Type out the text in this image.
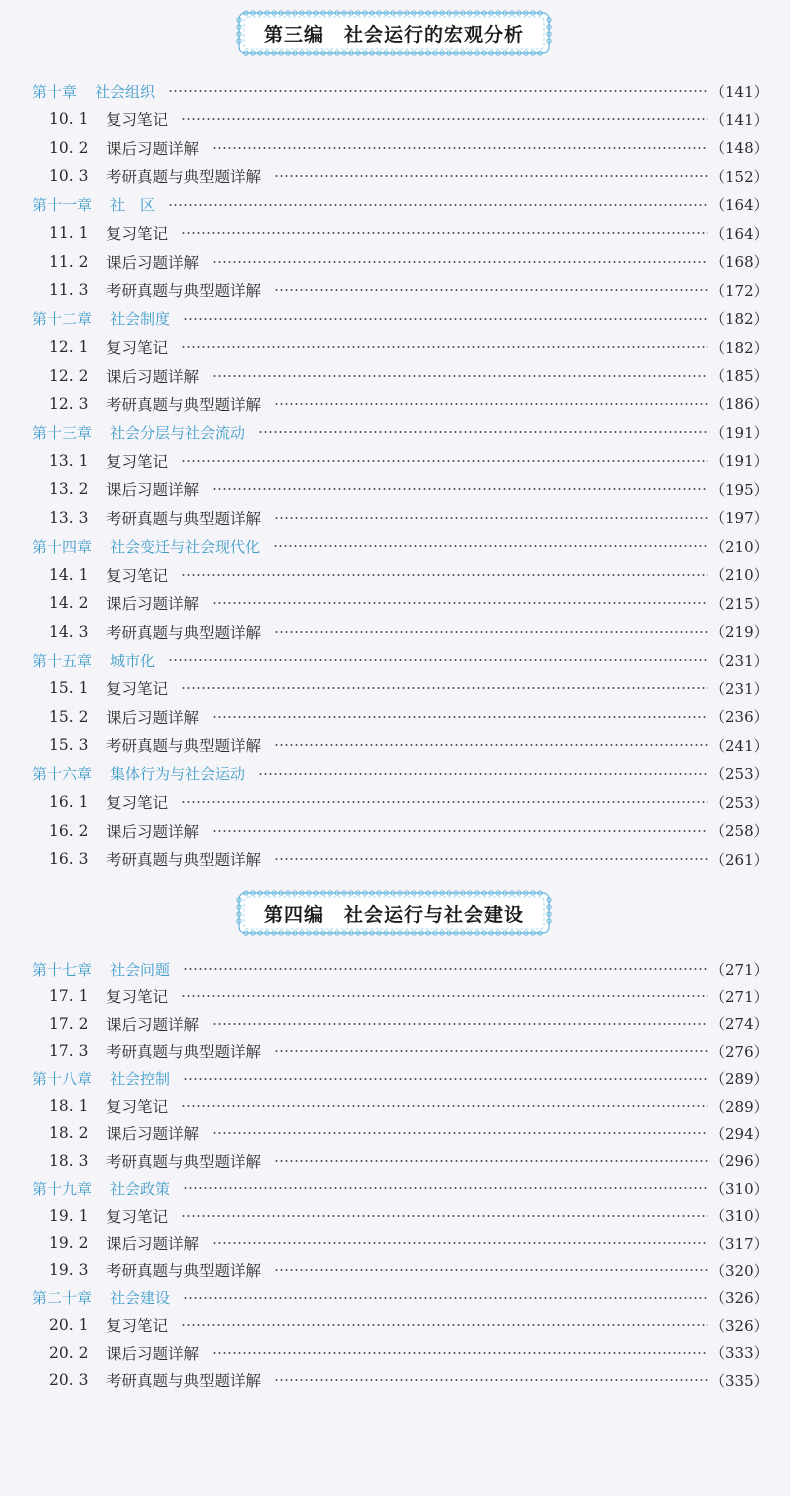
第三编　社会运行的宏观分析
第十章 社会组织	（141）
10. 1 复习笔记	（141）
10. 2 课后习题详解	（148）
10. 3 考研真题与典型题详解	（152）
第十一章 社　区	（164）
11. 1 复习笔记	（164）
11. 2 课后习题详解	（168）
11. 3 考研真题与典型题详解	（172）
第十二章 社会制度	（182）
12. 1 复习笔记	（182）
12. 2 课后习题详解	（185）
12. 3 考研真题与典型题详解	（186）
第十三章 社会分层与社会流动	（191）
13. 1 复习笔记	（191）
13. 2 课后习题详解	（195）
13. 3 考研真题与典型题详解	（197）
第十四章 社会变迁与社会现代化	（210）
14. 1 复习笔记	（210）
14. 2 课后习题详解	（215）
14. 3 考研真题与典型题详解	（219）
第十五章 城市化	（231）
15. 1 复习笔记	（231）
15. 2 课后习题详解	（236）
15. 3 考研真题与典型题详解	（241）
第十六章 集体行为与社会运动	（253）
16. 1 复习笔记	（253）
16. 2 课后习题详解	（258）
16. 3 考研真题与典型题详解	（261）
第四编　社会运行与社会建设
第十七章 社会问题	（271）
17. 1 复习笔记	（271）
17. 2 课后习题详解	（274）
17. 3 考研真题与典型题详解	（276）
第十八章 社会控制	（289）
18. 1 复习笔记	（289）
18. 2 课后习题详解	（294）
18. 3 考研真题与典型题详解	（296）
第十九章 社会政策	（310）
19. 1 复习笔记	（310）
19. 2 课后习题详解	（317）
19. 3 考研真题与典型题详解	（320）
第二十章 社会建设	（326）
20. 1 复习笔记	（326）
20. 2 课后习题详解	（333）
20. 3 考研真题与典型题详解	（335）
